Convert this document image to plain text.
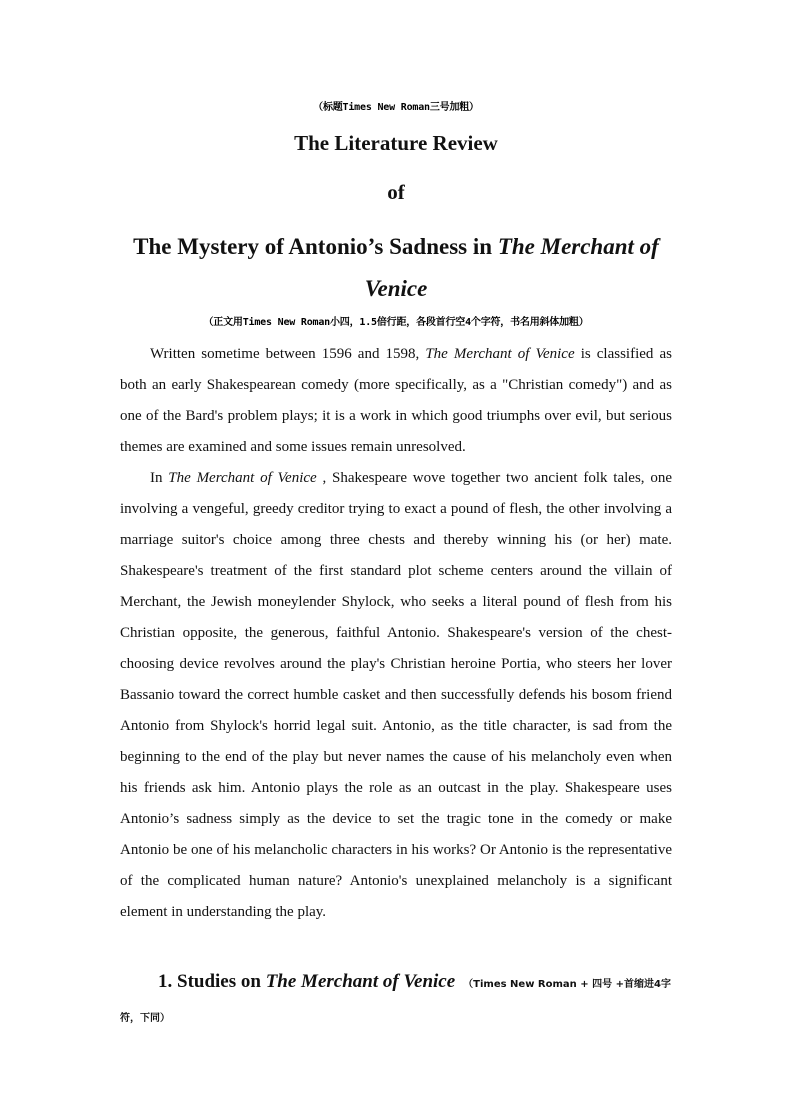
（标题Times New Roman三号加粗）
The Literature Review
of
The Mystery of Antonio’s Sadness in The Merchant of Venice
（正文用Times New Roman小四，1.5倍行距，各段首行空4个字符，书名用斜体加粗）

Written sometime between 1596 and 1598, The Merchant of Venice is classified as both an early Shakespearean comedy (more specifically, as a "Christian comedy") and as one of the Bard's problem plays; it is a work in which good triumphs over evil, but serious themes are examined and some issues remain unresolved.

In The Merchant of Venice , Shakespeare wove together two ancient folk tales, one involving a vengeful, greedy creditor trying to exact a pound of flesh, the other involving a marriage suitor's choice among three chests and thereby winning his (or her) mate. Shakespeare's treatment of the first standard plot scheme centers around the villain of Merchant, the Jewish moneylender Shylock, who seeks a literal pound of flesh from his Christian opposite, the generous, faithful Antonio. Shakespeare's version of the chest-choosing device revolves around the play's Christian heroine Portia, who steers her lover Bassanio toward the correct humble casket and then successfully defends his bosom friend Antonio from Shylock's horrid legal suit. Antonio, as the title character, is sad from the beginning to the end of the play but never names the cause of his melancholy even when his friends ask him. Antonio plays the role as an outcast in the play. Shakespeare uses Antonio’s sadness simply as the device to set the tragic tone in the comedy or make Antonio be one of his melancholic characters in his works? Or Antonio is the representative of the complicated human nature? Antonio's unexplained melancholy is a significant element in understanding the play.

1. Studies on The Merchant of Venice （Times New Roman + 四号 +首缩进4字符，下同）
